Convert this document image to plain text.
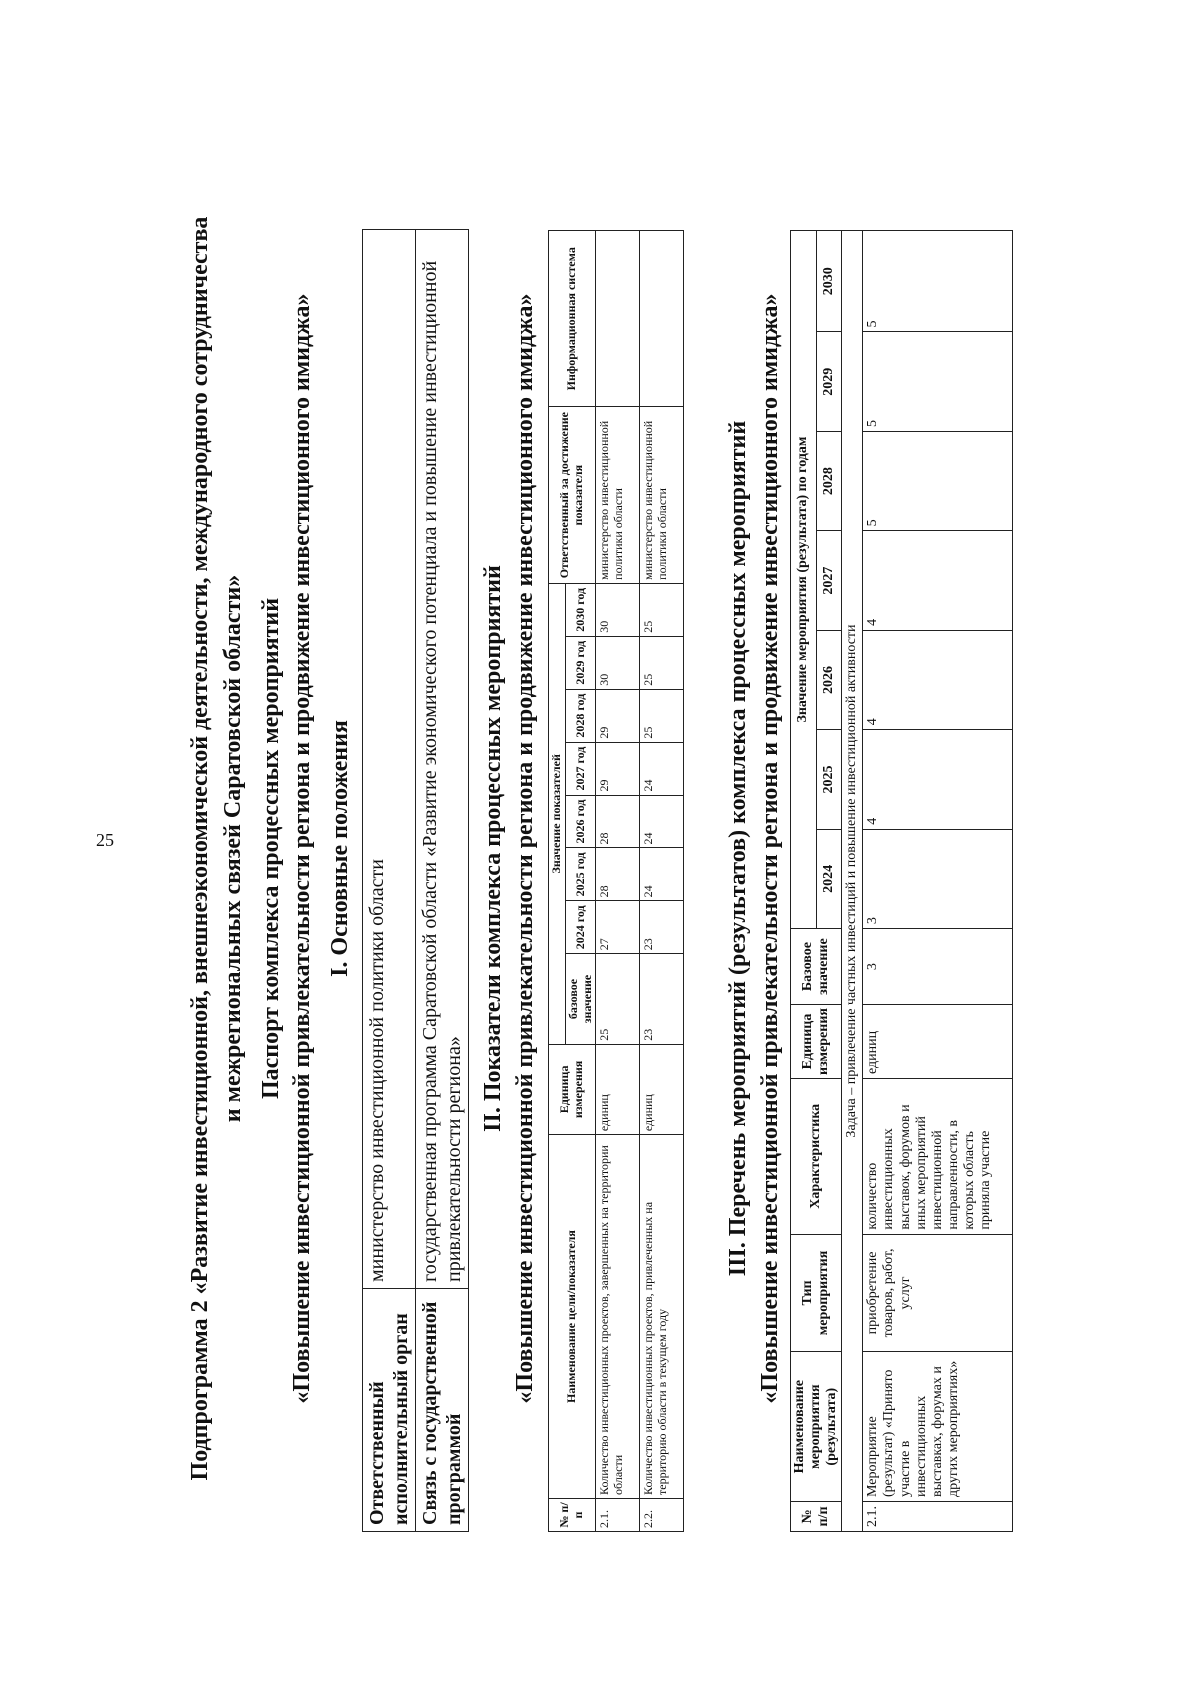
25	Подпрограмма 2 «Развитие инвестиционной, внешнеэкономической деятельности, международного сотрудничества и межрегиональных связей Саратовской области» Паспорт комплекса процессных мероприятий «Повышение инвестиционной привлекательности региона и продвижение инвестиционного имиджа» I. Основные положения
Ответственный исполнительный орган	министерство инвестиционной политики области
Связь с государственной программой	государственная программа Саратовской области «Развитие экономического потенциала и повышение инвестиционной привлекательности региона»
II. Показатели комплекса процессных мероприятий «Повышение инвестиционной привлекательности региона и продвижение инвестиционного имиджа»
№ п/п	Наименование цели/показателя	Единица измерения	Значение показателей								Ответственный за достижение показателя	Информационная система
			базовое значение	2024 год	2025 год	2026 год	2027 год	2028 год	2029 год	2030 год		
2.1.	Количество инвестиционных проектов, завершенных на территории области	единиц	25	27	28	28	29	29	30	30	министерство инвестиционной политики области	
2.2.	Количество инвестиционных проектов, привлеченных на территорию области в текущем году	единиц	23	23	24	24	24	25	25	25	министерство инвестиционной политики области	III. Перечень мероприятий (результатов) комплекса процессных мероприятий «Повышение инвестиционной привлекательности региона и продвижение инвестиционного имиджа»
№ п/п	Наименование мероприятия (результата)	Тип мероприятия	Характеристика	Единица измерения	Базовое значение	Значение мероприятия (результата) по годам						
						2024	2025	2026	2027	2028	2029	2030
Задача – привлечение частных инвестиций и повышение инвестиционной активности												
2.1.	Мероприятие (результат) «Принято участие в инвестиционных выставках, форумах и других мероприятиях»	приобретение товаров, работ, услуг	количество инвестиционных выставок, форумов и иных мероприятий инвестиционной направленности, в которых область приняла участие	единиц	3	3	4	4	4	5	5	5
